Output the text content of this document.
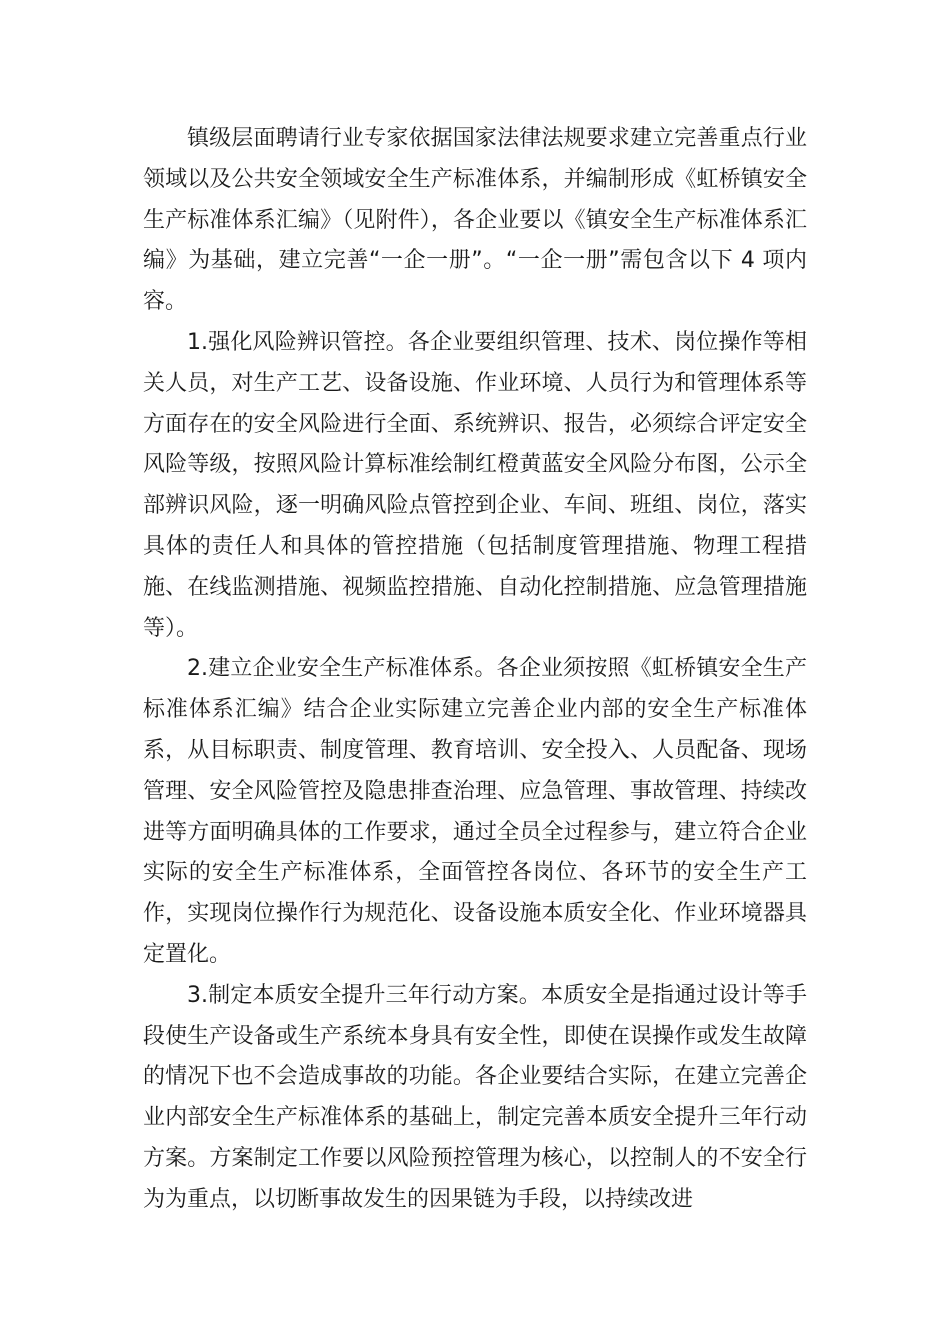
镇级层面聘请行业专家依据国家法律法规要求建立完善重点行业领域以及公共安全领域安全生产标准体系，并编制形成《虹桥镇安全生产标准体系汇编》（见附件），各企业要以《镇安全生产标准体系汇编》为基础，建立完善“一企一册”。“一企一册”需包含以下 4 项内容。

1.强化风险辨识管控。各企业要组织管理、技术、岗位操作等相关人员，对生产工艺、设备设施、作业环境、人员行为和管理体系等方面存在的安全风险进行全面、系统辨识、报告，必须综合评定安全风险等级，按照风险计算标准绘制红橙黄蓝安全风险分布图，公示全部辨识风险，逐一明确风险点管控到企业、车间、班组、岗位，落实具体的责任人和具体的管控措施（包括制度管理措施、物理工程措施、在线监测措施、视频监控措施、自动化控制措施、应急管理措施等）。

2.建立企业安全生产标准体系。各企业须按照《虹桥镇安全生产标准体系汇编》结合企业实际建立完善企业内部的安全生产标准体系，从目标职责、制度管理、教育培训、安全投入、人员配备、现场管理、安全风险管控及隐患排查治理、应急管理、事故管理、持续改进等方面明确具体的工作要求，通过全员全过程参与，建立符合企业实际的安全生产标准体系，全面管控各岗位、各环节的安全生产工作，实现岗位操作行为规范化、设备设施本质安全化、作业环境器具定置化。

3.制定本质安全提升三年行动方案。本质安全是指通过设计等手段使生产设备或生产系统本身具有安全性，即使在误操作或发生故障的情况下也不会造成事故的功能。各企业要结合实际，在建立完善企业内部安全生产标准体系的基础上，制定完善本质安全提升三年行动方案。方案制定工作要以风险预控管理为核心，以控制人的不安全行为为重点，以切断事故发生的因果链为手段，以持续改进
